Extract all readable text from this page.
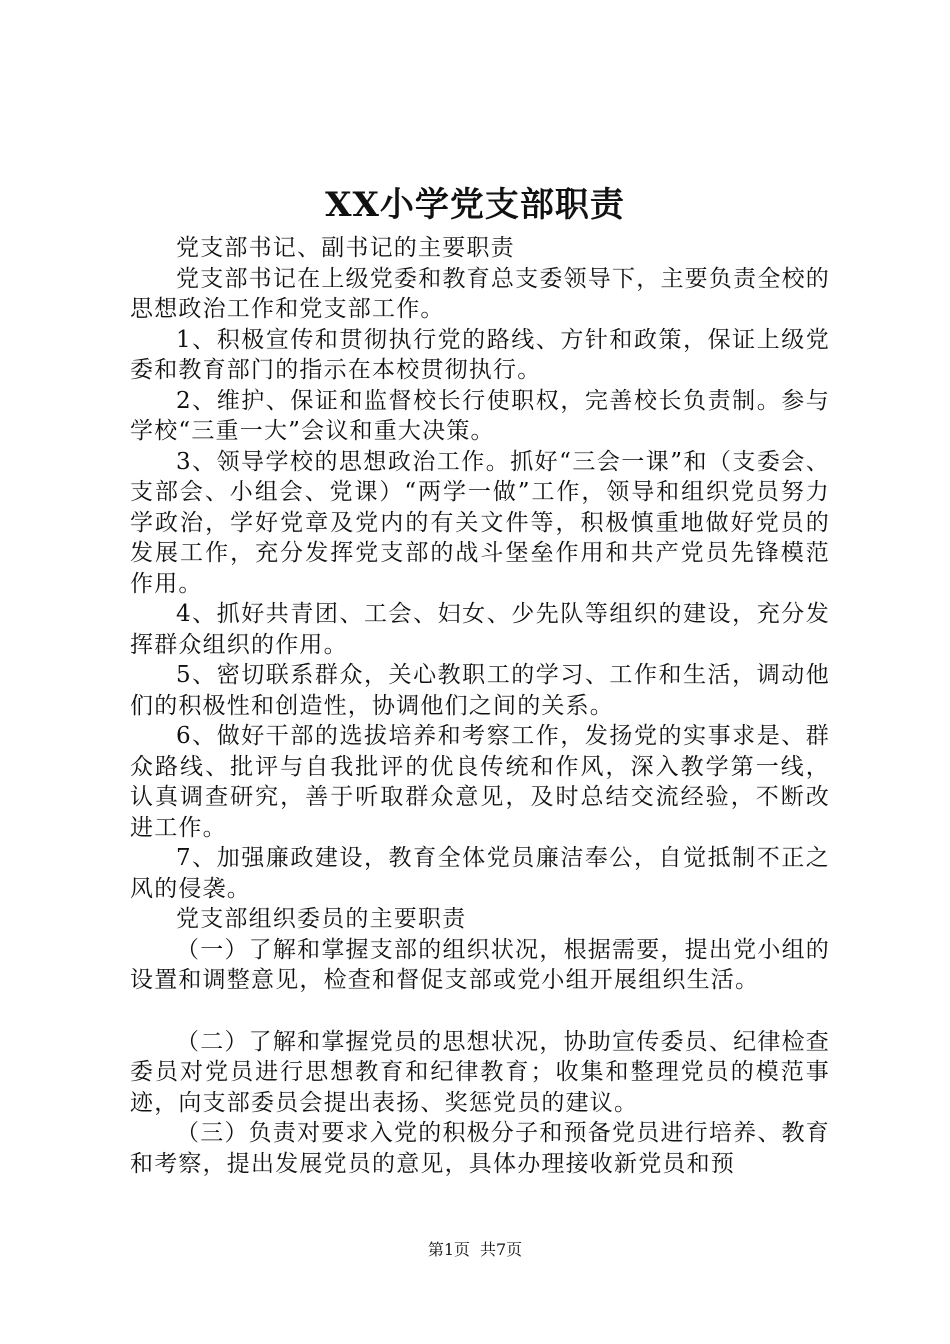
XX小学党支部职责

党支部书记、副书记的主要职责

党支部书记在上级党委和教育总支委领导下，主要负责全校的思想政治工作和党支部工作。

1、积极宣传和贯彻执行党的路线、方针和政策，保证上级党委和教育部门的指示在本校贯彻执行。

2、维护、保证和监督校长行使职权，完善校长负责制。参与学校“三重一大”会议和重大决策。

3、领导学校的思想政治工作。抓好“三会一课”和（支委会、支部会、小组会、党课）“两学一做”工作，领导和组织党员努力学政治，学好党章及党内的有关文件等，积极慎重地做好党员的发展工作，充分发挥党支部的战斗堡垒作用和共产党员先锋模范作用。

4、抓好共青团、工会、妇女、少先队等组织的建设，充分发挥群众组织的作用。

5、密切联系群众，关心教职工的学习、工作和生活，调动他们的积极性和创造性，协调他们之间的关系。

6、做好干部的选拔培养和考察工作，发扬党的实事求是、群众路线、批评与自我批评的优良传统和作风，深入教学第一线，认真调查研究，善于听取群众意见，及时总结交流经验，不断改进工作。

7、加强廉政建设，教育全体党员廉洁奉公，自觉抵制不正之风的侵袭。

党支部组织委员的主要职责

（一）了解和掌握支部的组织状况，根据需要，提出党小组的设置和调整意见，检查和督促支部或党小组开展组织生活。

（二）了解和掌握党员的思想状况，协助宣传委员、纪律检查委员对党员进行思想教育和纪律教育；收集和整理党员的模范事迹，向支部委员会提出表扬、奖惩党员的建议。

（三）负责对要求入党的积极分子和预备党员进行培养、教育和考察，提出发展党员的意见，具体办理接收新党员和预

第1页 共7页
